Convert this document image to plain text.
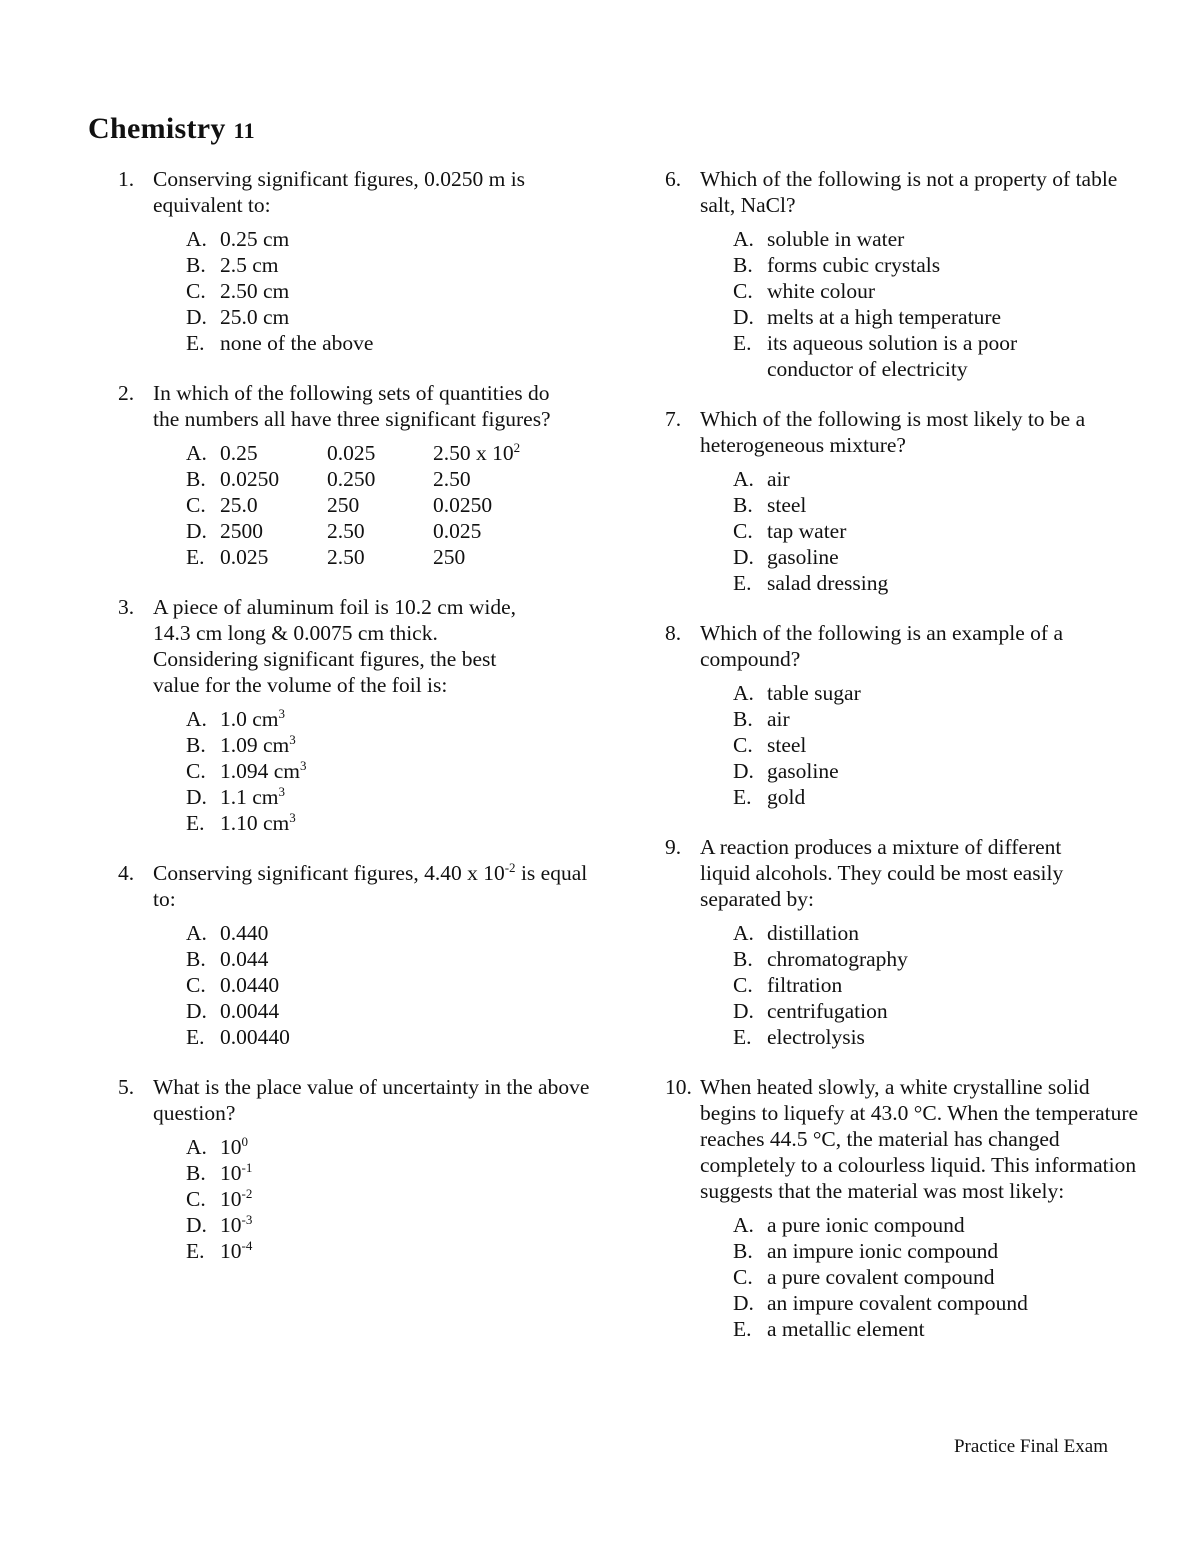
Chemistry 11
1. Conserving significant figures, 0.0250 m is equivalent to:

A. 0.25 cm
B. 2.5 cm
C. 2.50 cm
D. 25.0 cm
E. none of the above
2. In which of the following sets of quantities do the numbers all have three significant figures?

A. 0.25	0.025	2.50 x $10^2$
B. 0.0250 0.250	2.50
C. 25.0	250	0.0250
D. 2500	2.50	0.025
E. 0.025	2.50	250
3. A piece of aluminum foil is 10.2 cm wide, 14.3 cm long & 0.0075 cm thick. Considering significant figures, the best value for the volume of the foil is:

A. 1.0 $cm^3$
B. 1.09 $cm^3$
C. 1.094 $cm^3$
D. 1.1 $cm^3$
E. 1.10 $cm^3$
4. Conserving significant figures, 4.40 x $10^{-2}$ is equal to:

A. 0.440
B. 0.044
C. 0.0440
D. 0.0044
E. 0.00440
5. What is the place value of uncertainty in the above question?

A. $10^0$
B. $10^{-1}$
C. $10^{-2}$
D. $10^{-3}$
E. $10^{-4}$
6. Which of the following is not a property of table salt, NaCl?

A. soluble in water
B. forms cubic crystals
C. white colour
D. melts at a high temperature
E. its aqueous solution is a poor conductor of electricity
7. Which of the following is most likely to be a heterogeneous mixture?

A. air
B. steel
C. tap water
D. gasoline
E. salad dressing
8. Which of the following is an example of a compound?

A. table sugar
B. air
C. steel
D. gasoline
E. gold
9. A reaction produces a mixture of different liquid alcohols. They could be most easily separated by:

A. distillation
B. chromatography
C. filtration
D. centrifugation
E. electrolysis
10. When heated slowly, a white crystalline solid begins to liquefy at 43.0 °C. When the temperature reaches 44.5 °C, the material has changed completely to a colourless liquid. This information suggests that the material was most likely:

A. a pure ionic compound
B. an impure ionic compound
C. a pure covalent compound
D. an impure covalent compound
E. a metallic element
Practice Final Exam
